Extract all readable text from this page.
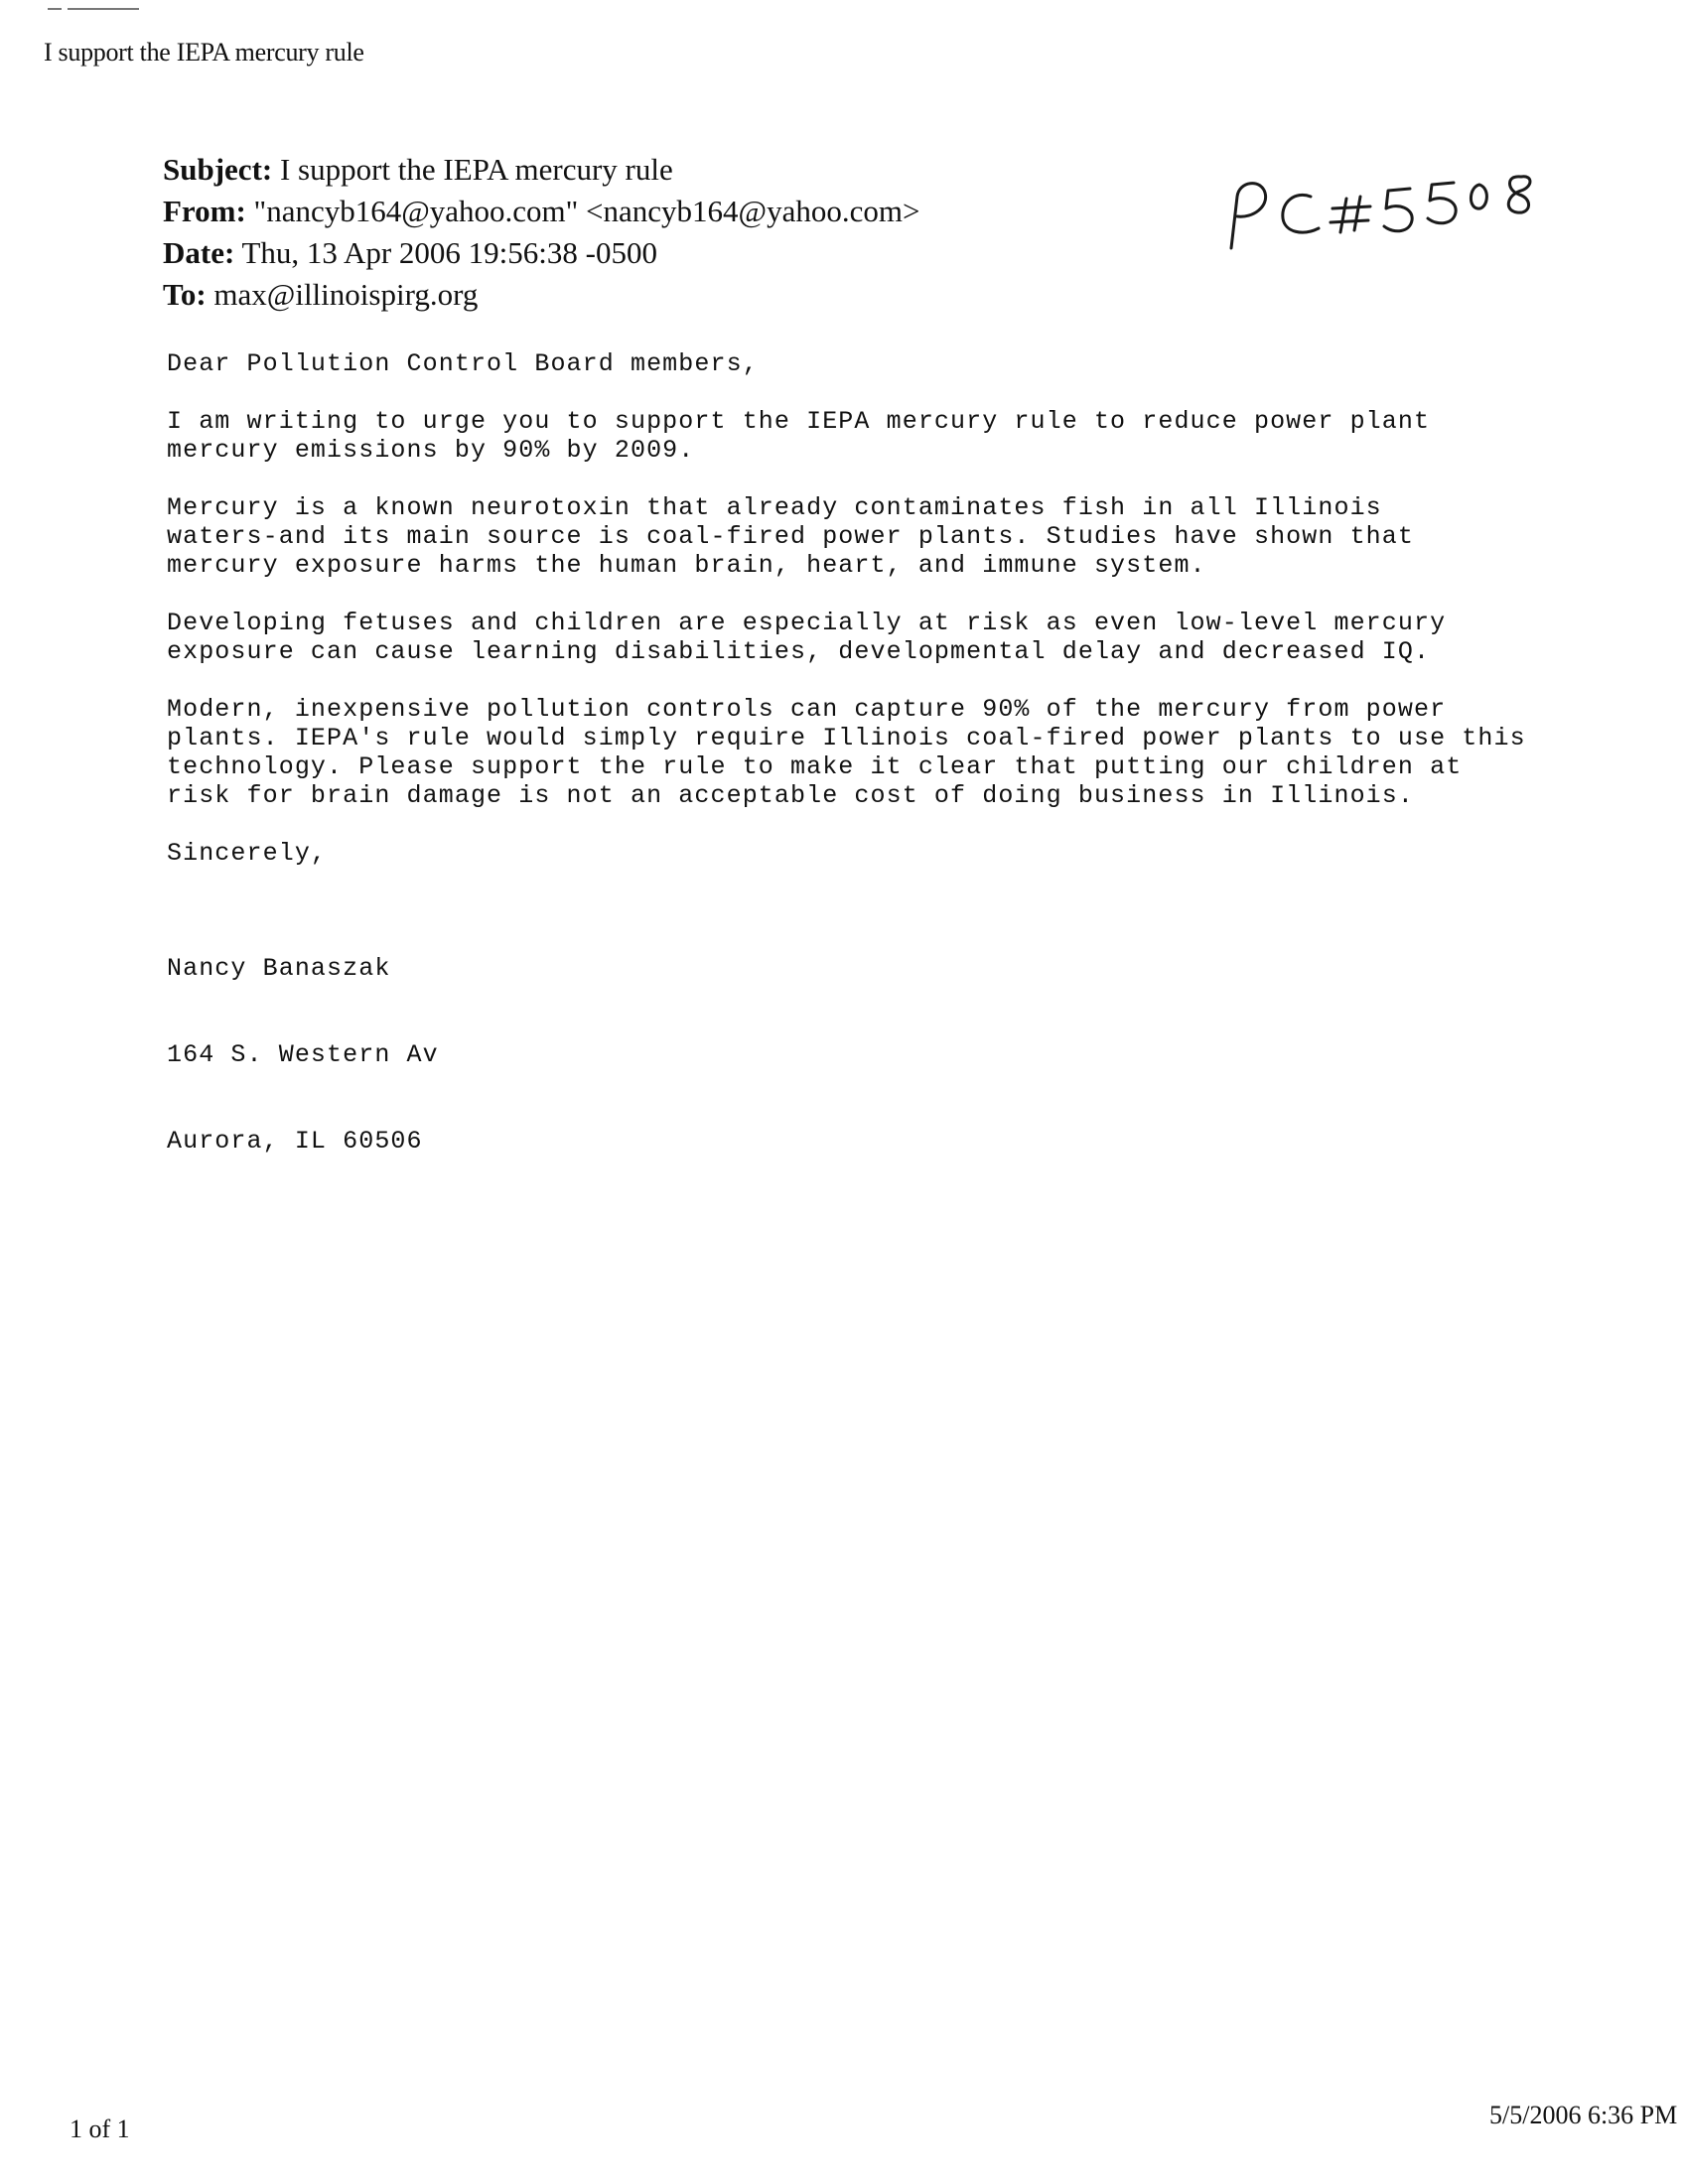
I support the IEPA mercury rule
Subject: I support the IEPA mercury rule
From: "nancyb164@yahoo.com" <nancyb164@yahoo.com>
Date: Thu, 13 Apr 2006 19:56:38 -0500
To: max@illinoispirg.org

Dear Pollution Control Board members,

I am writing to urge you to support the IEPA mercury rule to reduce power plant
mercury emissions by 90% by 2009.

Mercury is a known neurotoxin that already contaminates fish in all Illinois
waters-and its main source is coal-fired power plants. Studies have shown that
mercury exposure harms the human brain, heart, and immune system.

Developing fetuses and children are especially at risk as even low-level mercury
exposure can cause learning disabilities, developmental delay and decreased IQ.

Modern, inexpensive pollution controls can capture 90% of the mercury from power
plants. IEPA's rule would simply require Illinois coal-fired power plants to use this
technology. Please support the rule to make it clear that putting our children at
risk for brain damage is not an acceptable cost of doing business in Illinois.

Sincerely,

Nancy Banaszak

164 S. Western Av

Aurora, IL 60506

1 of 1	5/5/2006 6:36 PM
